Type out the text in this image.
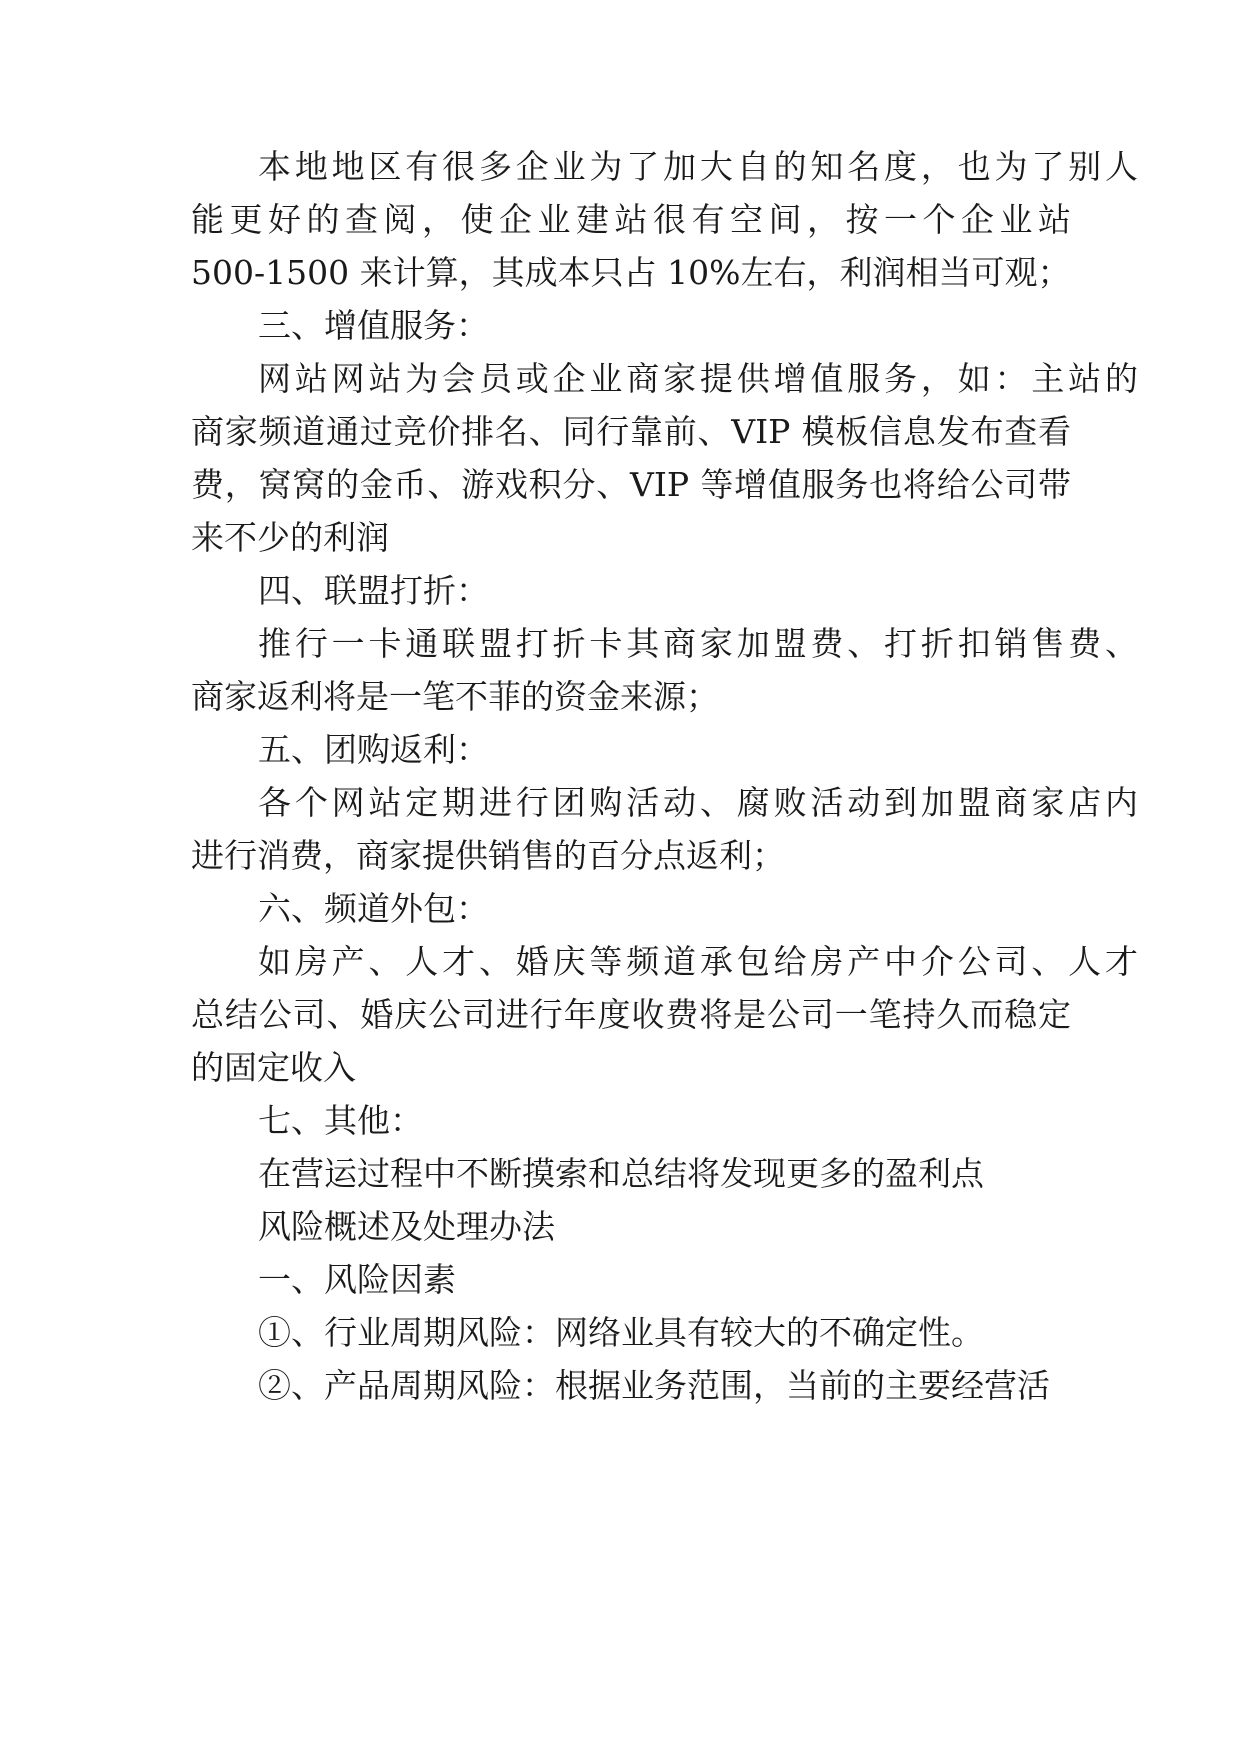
本地地区有很多企业为了加大自的知名度，也为了别人
能更好的查阅，使企业建站很有空间，按一个企业站
500-1500 来计算，其成本只占 10%左右，利润相当可观；
三、增值服务：
网站网站为会员或企业商家提供增值服务，如：主站的
商家频道通过竞价排名、同行靠前、VIP 模板信息发布查看
费，窝窝的金币、游戏积分、VIP 等增值服务也将给公司带
来不少的利润
四、联盟打折：
推行一卡通联盟打折卡其商家加盟费、打折扣销售费、
商家返利将是一笔不菲的资金来源；
五、团购返利：
各个网站定期进行团购活动、腐败活动到加盟商家店内
进行消费，商家提供销售的百分点返利；
六、频道外包：
如房产、人才、婚庆等频道承包给房产中介公司、人才
总结公司、婚庆公司进行年度收费将是公司一笔持久而稳定
的固定收入
七、其他：
在营运过程中不断摸索和总结将发现更多的盈利点
风险概述及处理办法
一、风险因素
①、行业周期风险：网络业具有较大的不确定性。
②、产品周期风险：根据业务范围，当前的主要经营活
